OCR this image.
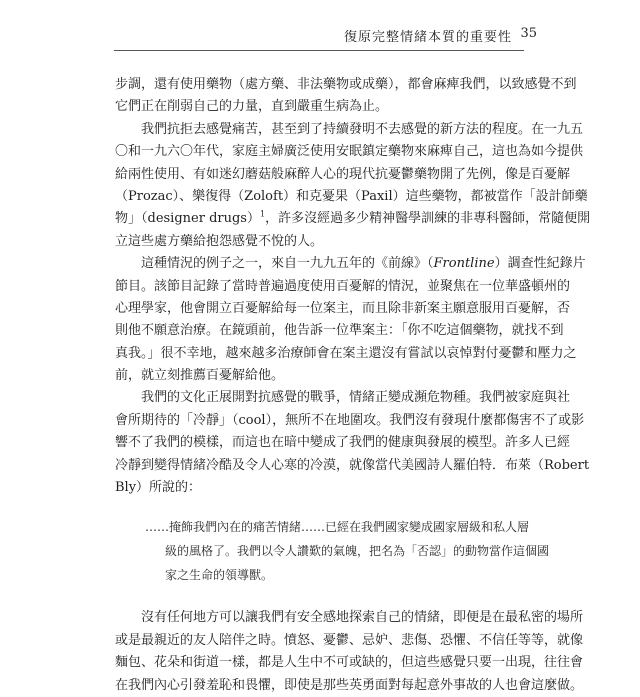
復原完整情緒本質的重要性 35
步調，還有使用藥物（處方藥、非法藥物或成藥），都會麻痺我們，以致感覺不到
它們正在削弱自己的力量，直到嚴重生病為止。
我們抗拒去感覺痛苦，甚至到了持續發明不去感覺的新方法的程度。在一九五
〇和一九六〇年代，家庭主婦廣泛使用安眠鎮定藥物來麻痺自己，這也為如今提供
給兩性使用、有如迷幻蘑菇般麻醉人心的現代抗憂鬱藥物開了先例，像是百憂解
（Prozac）、樂復得（Zoloft）和克憂果（Paxil）這些藥物，都被當作「設計師藥
物」（designer drugs）$^1$，許多沒經過多少精神醫學訓練的非專科醫師，常隨便開
立這些處方藥給抱怨感覺不悅的人。
這種情況的例子之一，來自一九九五年的《前線》（Frontline）調查性紀錄片
節目。該節目記錄了當時普遍過度使用百憂解的情況，並聚焦在一位華盛頓州的
心理學家，他會開立百憂解給每一位案主，而且除非新案主願意服用百憂解，否
則他不願意治療。在鏡頭前，他告訴一位準案主：「你不吃這個藥物，就找不到
真我。」很不幸地，越來越多治療師會在案主還沒有嘗試以哀悼對付憂鬱和壓力之
前，就立刻推薦百憂解給他。
我們的文化正展開對抗感覺的戰爭，情緒正變成瀕危物種。我們被家庭與社
會所期待的「冷靜」（cool），無所不在地圍攻。我們沒有發現什麼都傷害不了或影
響不了我們的模樣，而這也在暗中變成了我們的健康與發展的模型。許多人已經
冷靜到變得情緒冷酷及令人心寒的冷漠，就像當代美國詩人羅伯特．布萊（Robert
Bly）所說的：
……掩飾我們內在的痛苦情緒……已經在我們國家變成國家層級和私人層
級的風格了。我們以令人讚歎的氣魄，把名為「否認」的動物當作這個國
家之生命的領導獸。
沒有任何地方可以讓我們有安全感地探索自己的情緒，即便是在最私密的場所
或是最親近的友人陪伴之時。憤怒、憂鬱、忌妒、悲傷、恐懼、不信任等等，就像
麵包、花朵和街道一樣，都是人生中不可或缺的，但這些感覺只要一出現，往往會
在我們內心引發羞恥和畏懼，即使是那些英勇面對每起意外事故的人也會這麼做。
